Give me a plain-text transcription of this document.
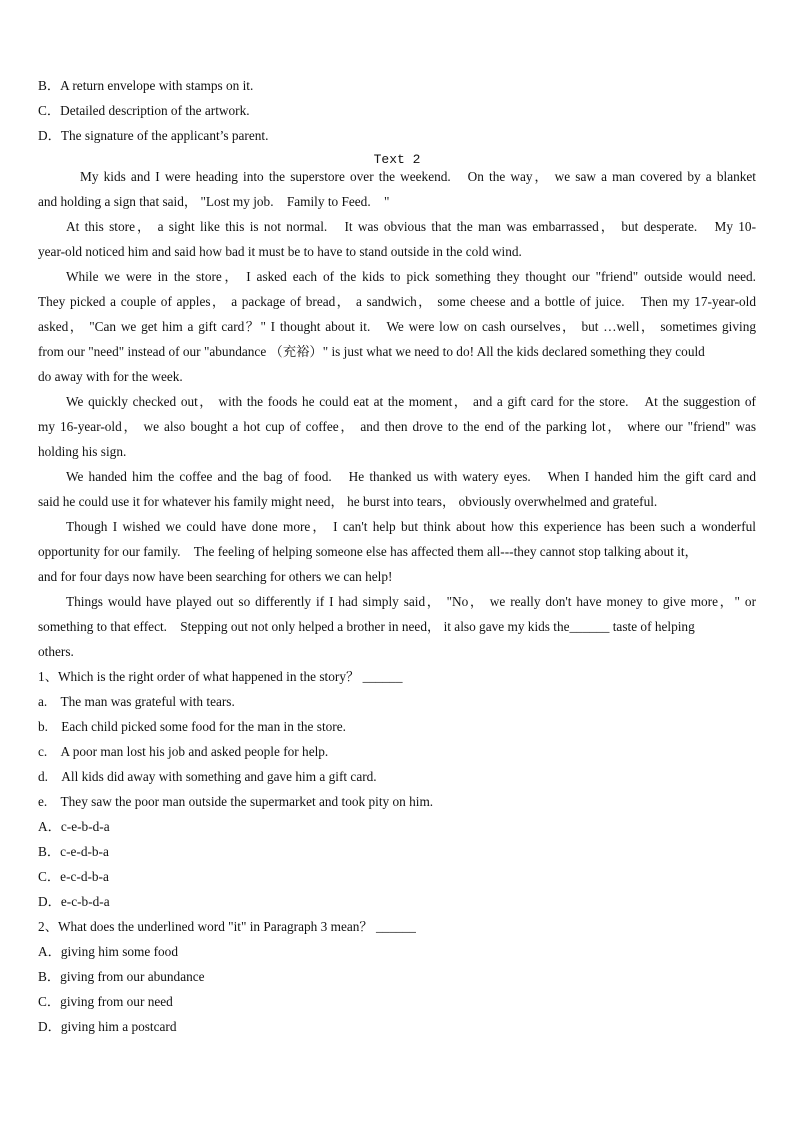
B．A return envelope with stamps on it.
C．Detailed description of the artwork.
D．The signature of the applicant’s parent.
Text 2
My kids and I were heading into the superstore over the weekend.　On the way， we saw a man covered by a blanket
and holding a sign that said， "Lost my job.　Family to Feed.　"
At this store， a sight like this is not normal.　It was obvious that the man was embarrassed， but desperate.　My 10-
year-old noticed him and said how bad it must be to have to stand outside in the cold wind.
While we were in the store， I asked each of the kids to pick something they thought our "friend" outside would need.
They picked a couple of apples， a package of bread， a sandwich， some cheese and a bottle of juice.　Then my 17-year-old
asked， "Can we get him a gift card？" I thought about it.　We were low on cash ourselves， but …well， sometimes giving
from our "need" instead of our "abundance （充裕）" is just what we need to do! All the kids declared something they could
do away with for the week.
We quickly checked out， with the foods he could eat at the moment， and a gift card for the store.　At the suggestion of
my 16-year-old， we also bought a hot cup of coffee， and then drove to the end of the parking lot， where our "friend" was
holding his sign.
We handed him the coffee and the bag of food.　He thanked us with watery eyes.　When I handed him the gift card and
said he could use it for whatever his family might need， he burst into tears， obviously overwhelmed and grateful.
Though I wished we could have done more， I can't help but think about how this experience has been such a wonderful
opportunity for our family.　The feeling of helping someone else has affected them all---they cannot stop talking about it，
and for four days now have been searching for others we can help!
Things would have played out so differently if I had simply said， "No， we really don't have money to give more，" or
something to that effect.　Stepping out not only helped a brother in need， it also gave my kids the______ taste of helping
others.
1、Which is the right order of what happened in the story？ ______
a.　The man was grateful with tears.
b.　Each child picked some food for the man in the store.
c.　A poor man lost his job and asked people for help.
d.　All kids did away with something and gave him a gift card.
e.　They saw the poor man outside the supermarket and took pity on him.
A．c-e-b-d-a
B．c-e-d-b-a
C．e-c-d-b-a
D．e-c-b-d-a
2、What does the underlined word "it" in Paragraph 3 mean？ ______
A．giving him some food
B．giving from our abundance
C．giving from our need
D．giving him a postcard
